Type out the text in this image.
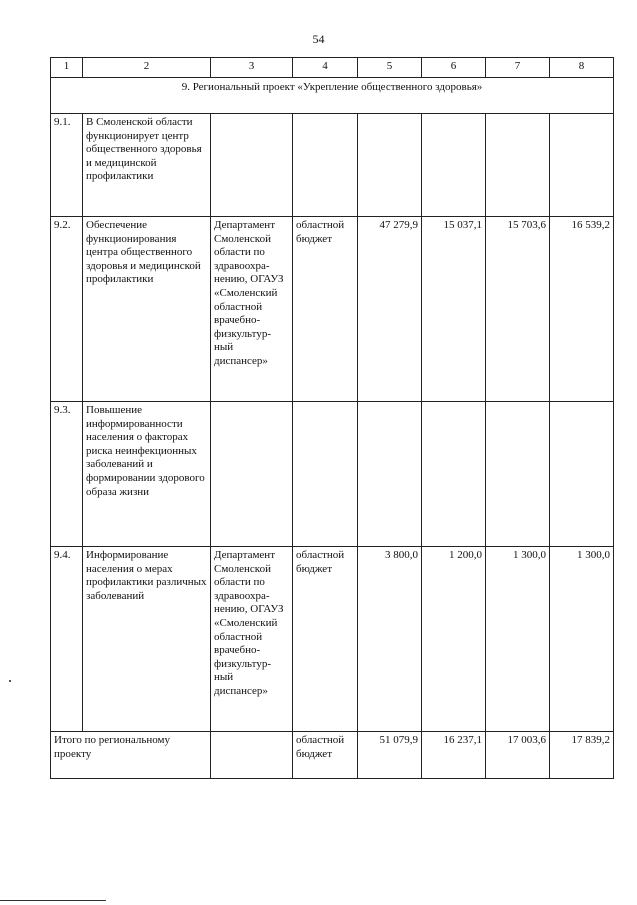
54
1	2	3	4	5	6	7	8
9. Региональный проект «Укрепление общественного здоровья»							
9.1.	В Смоленской области функционирует центр общественного здоровья и медицинской профилактики						
9.2.	Обеспечение функционирования центра общественного здоровья и медицинской профилактики	Департамент Смоленской области по здравоохра-нению, ОГАУЗ «Смоленский областной врачебно-физкультур-ный диспансер»	областной бюджет	47 279,9	15 037,1	15 703,6	16 539,2
9.3.	Повышение информированности населения о факторах риска неинфекционных заболеваний и формировании здорового образа жизни						
9.4.	Информирование населения о мерах профилактики различных заболеваний	Департамент Смоленской области по здравоохра-нению, ОГАУЗ «Смоленский областной врачебно-физкультур-ный диспансер»	областной бюджет	3 800,0	1 200,0	1 300,0	1 300,0
Итого по региональному проекту			областной бюджет	51 079,9	16 237,1	17 003,6	17 839,2
